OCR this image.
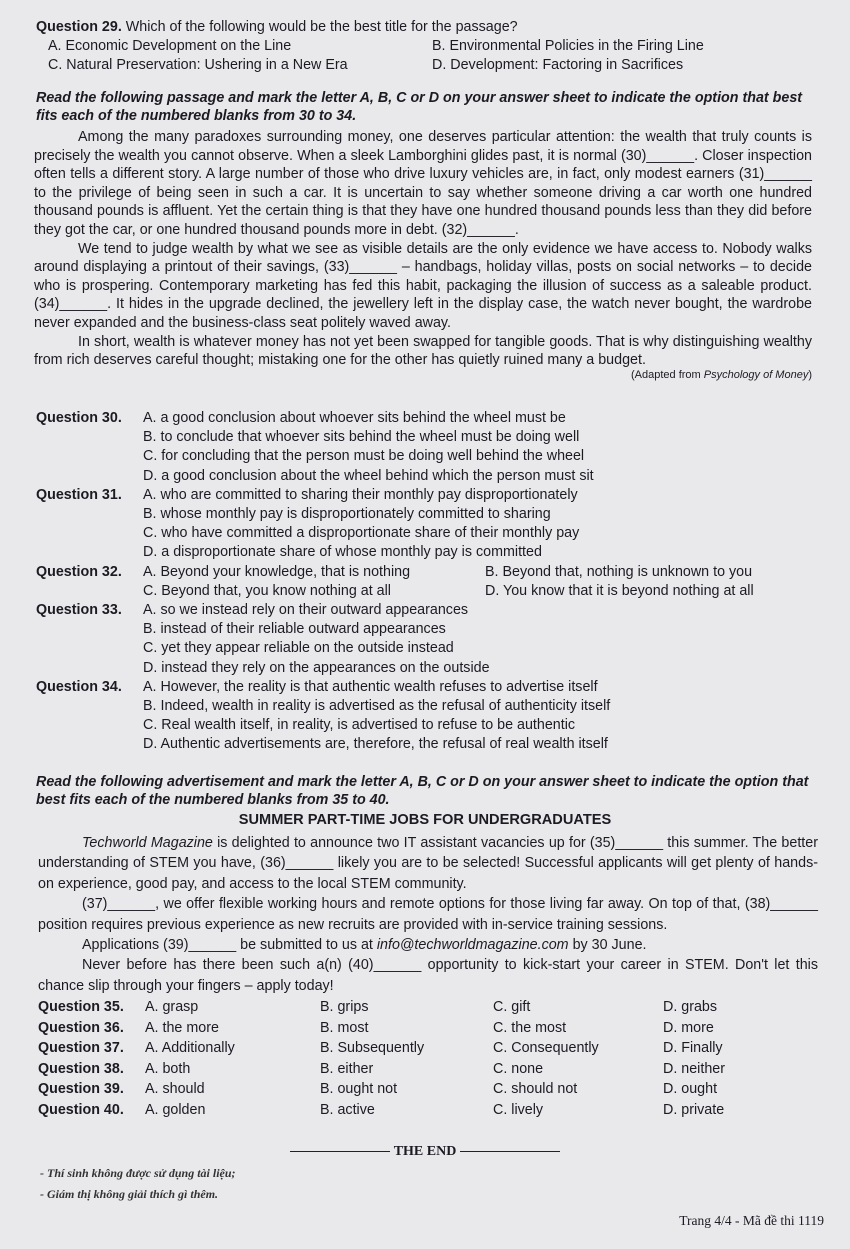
Question 29. Which of the following would be the best title for the passage?
A. Economic Development on the Line	B. Environmental Policies in the Firing Line
C. Natural Preservation: Ushering in a New Era	D. Development: Factoring in Sacrifices
Read the following passage and mark the letter A, B, C or D on your answer sheet to indicate the option that best fits each of the numbered blanks from 30 to 34.

Among the many paradoxes surrounding money, one deserves particular attention: the wealth that truly counts is precisely the wealth you cannot observe. When a sleek Lamborghini glides past, it is normal (30)______. Closer inspection often tells a different story. A large number of those who drive luxury vehicles are, in fact, only modest earners (31)______ to the privilege of being seen in such a car. It is uncertain to say whether someone driving a car worth one hundred thousand pounds is affluent. Yet the certain thing is that they have one hundred thousand pounds less than they did before they got the car, or one hundred thousand pounds more in debt. (32)______.

We tend to judge wealth by what we see as visible details are the only evidence we have access to. Nobody walks around displaying a printout of their savings, (33)______ – handbags, holiday villas, posts on social networks – to decide who is prospering. Contemporary marketing has fed this habit, packaging the illusion of success as a saleable product. (34)______. It hides in the upgrade declined, the jewellery left in the display case, the watch never bought, the wardrobe never expanded and the business-class seat politely waved away.

In short, wealth is whatever money has not yet been swapped for tangible goods. That is why distinguishing wealthy from rich deserves careful thought; mistaking one for the other has quietly ruined many a budget.

(Adapted from Psychology of Money)
Question 30.	A. a good conclusion about whoever sits behind the wheel must be
B. to conclude that whoever sits behind the wheel must be doing well
C. for concluding that the person must be doing well behind the wheel
D. a good conclusion about the wheel behind which the person must sit
Question 31.	A. who are committed to sharing their monthly pay disproportionately
B. whose monthly pay is disproportionately committed to sharing
C. who have committed a disproportionate share of their monthly pay
D. a disproportionate share of whose monthly pay is committed
Question 32.	A. Beyond your knowledge, that is nothing	B. Beyond that, nothing is unknown to you
C. Beyond that, you know nothing at all	D. You know that it is beyond nothing at all
Question 33.	A. so we instead rely on their outward appearances
B. instead of their reliable outward appearances
C. yet they appear reliable on the outside instead
D. instead they rely on the appearances on the outside
Question 34.	A. However, the reality is that authentic wealth refuses to advertise itself
B. Indeed, wealth in reality is advertised as the refusal of authenticity itself
C. Real wealth itself, in reality, is advertised to refuse to be authentic
D. Authentic advertisements are, therefore, the refusal of real wealth itself
Read the following advertisement and mark the letter A, B, C or D on your answer sheet to indicate the option that best fits each of the numbered blanks from 35 to 40.
SUMMER PART-TIME JOBS FOR UNDERGRADUATES

Techworld Magazine is delighted to announce two IT assistant vacancies up for (35)______ this summer. The better understanding of STEM you have, (36)______ likely you are to be selected! Successful applicants will get plenty of hands-on experience, good pay, and access to the local STEM community.

(37)______, we offer flexible working hours and remote options for those living far away. On top of that, (38)______ position requires previous experience as new recruits are provided with in-service training sessions.

Applications (39)______ be submitted to us at info@techworldmagazine.com by 30 June.

Never before has there been such a(n) (40)______ opportunity to kick-start your career in STEM. Don't let this chance slip through your fingers – apply today!

Question 35.	A. grasp	B. grips	C. gift	D. grabs
Question 36.	A. the more	B. most	C. the most	D. more
Question 37.	A. Additionally	B. Subsequently	C. Consequently	D. Finally
Question 38.	A. both	B. either	C. none	D. neither
Question 39.	A. should	B. ought not	C. should not	D. ought
Question 40.	A. golden	B. active	C. lively	D. private
THE END
- Thí sinh không được sử dụng tài liệu;
- Giám thị không giải thích gì thêm.
Trang 4/4 - Mã đề thi 1119
